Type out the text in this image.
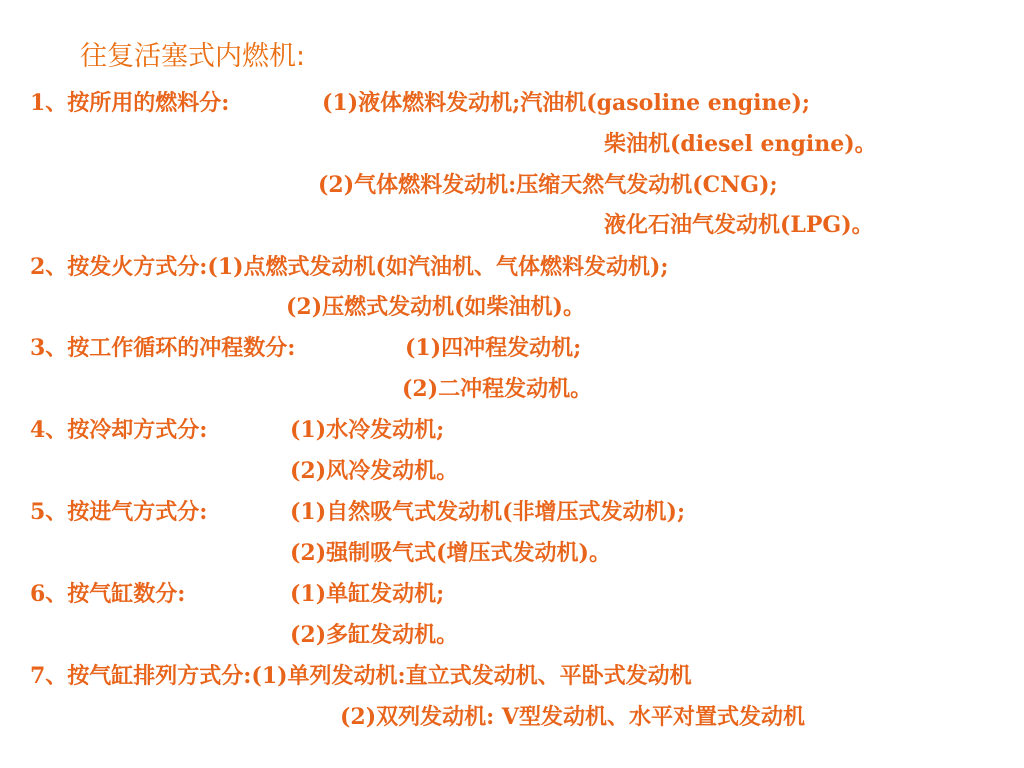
往复活塞式内燃机:
1、按所用的燃料分:	(1)液体燃料发动机;汽油机(gasoline engine);
柴油机(diesel engine)。
(2)气体燃料发动机:压缩天然气发动机(CNG);
液化石油气发动机(LPG)。
2、按发火方式分:(1)点燃式发动机(如汽油机、气体燃料发动机);
(2)压燃式发动机(如柴油机)。
3、按工作循环的冲程数分:	(1)四冲程发动机;
(2)二冲程发动机。
4、按冷却方式分:	(1)水冷发动机;
(2)风冷发动机。
5、按进气方式分:	(1)自然吸气式发动机(非增压式发动机);
(2)强制吸气式(增压式发动机)。
6、按气缸数分:	(1)单缸发动机;
(2)多缸发动机。
7、按气缸排列方式分:(1)单列发动机:直立式发动机、平卧式发动机
(2)双列发动机: V型发动机、水平对置式发动机
